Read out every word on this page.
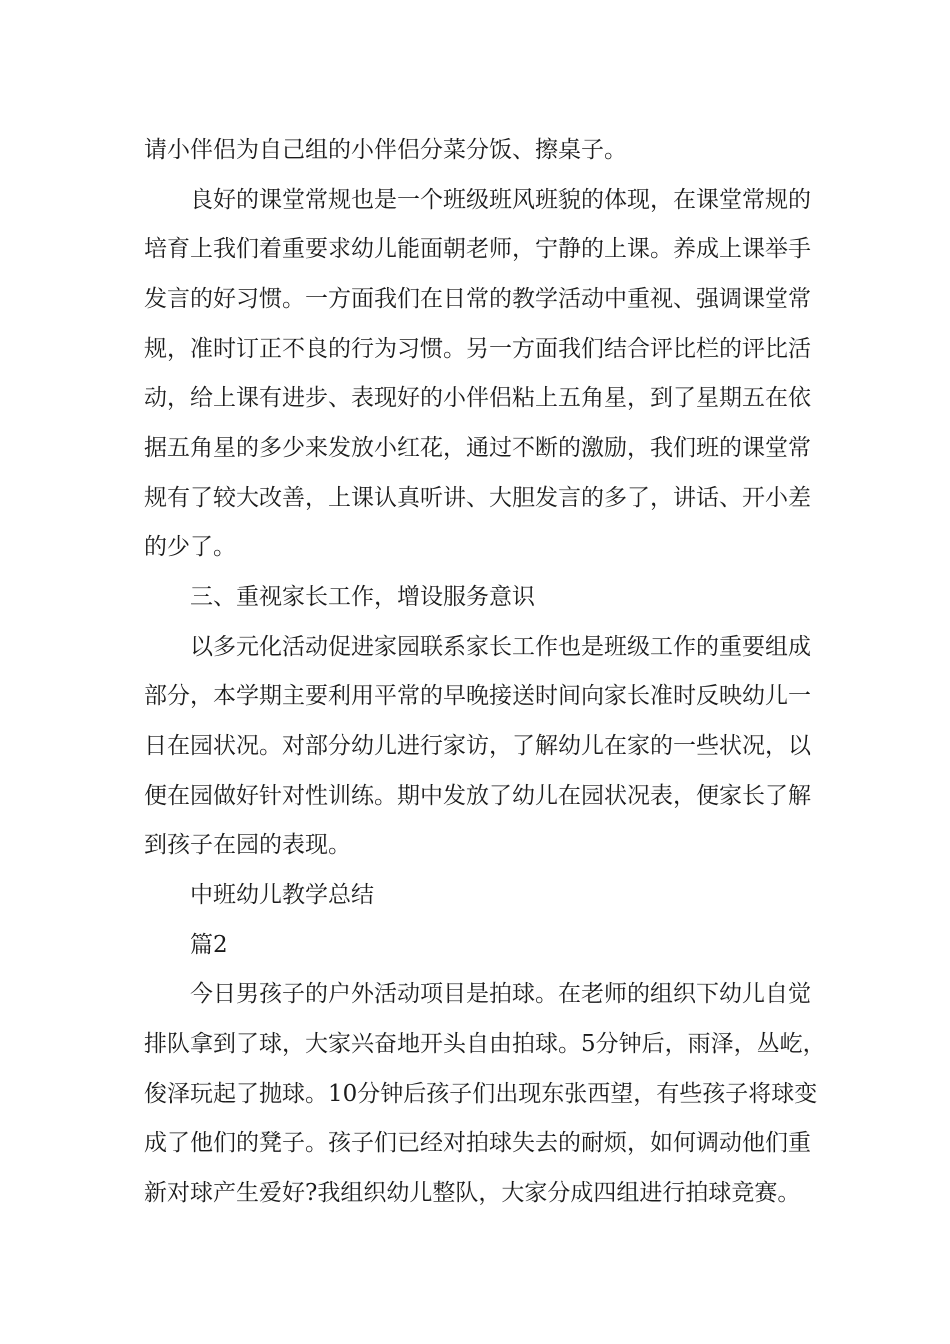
请小伴侣为自己组的小伴侣分菜分饭、擦桌子。
良好的课堂常规也是一个班级班风班貌的体现，在课堂常规的
培育上我们着重要求幼儿能面朝老师，宁静的上课。养成上课举手
发言的好习惯。一方面我们在日常的教学活动中重视、强调课堂常
规，准时订正不良的行为习惯。另一方面我们结合评比栏的评比活
动，给上课有进步、表现好的小伴侣粘上五角星，到了星期五在依
据五角星的多少来发放小红花，通过不断的激励，我们班的课堂常
规有了较大改善，上课认真听讲、大胆发言的多了，讲话、开小差
的少了。
三、重视家长工作，增设服务意识
以多元化活动促进家园联系家长工作也是班级工作的重要组成
部分，本学期主要利用平常的早晚接送时间向家长准时反映幼儿一
日在园状况。对部分幼儿进行家访，了解幼儿在家的一些状况，以
便在园做好针对性训练。期中发放了幼儿在园状况表，便家长了解
到孩子在园的表现。
中班幼儿教学总结
篇2
今日男孩子的户外活动项目是拍球。在老师的组织下幼儿自觉
排队拿到了球，大家兴奋地开头自由拍球。5分钟后，雨泽，丛屹，
俊泽玩起了抛球。10分钟后孩子们出现东张西望，有些孩子将球变
成了他们的凳子。孩子们已经对拍球失去的耐烦，如何调动他们重
新对球产生爱好?我组织幼儿整队，大家分成四组进行拍球竞赛。
